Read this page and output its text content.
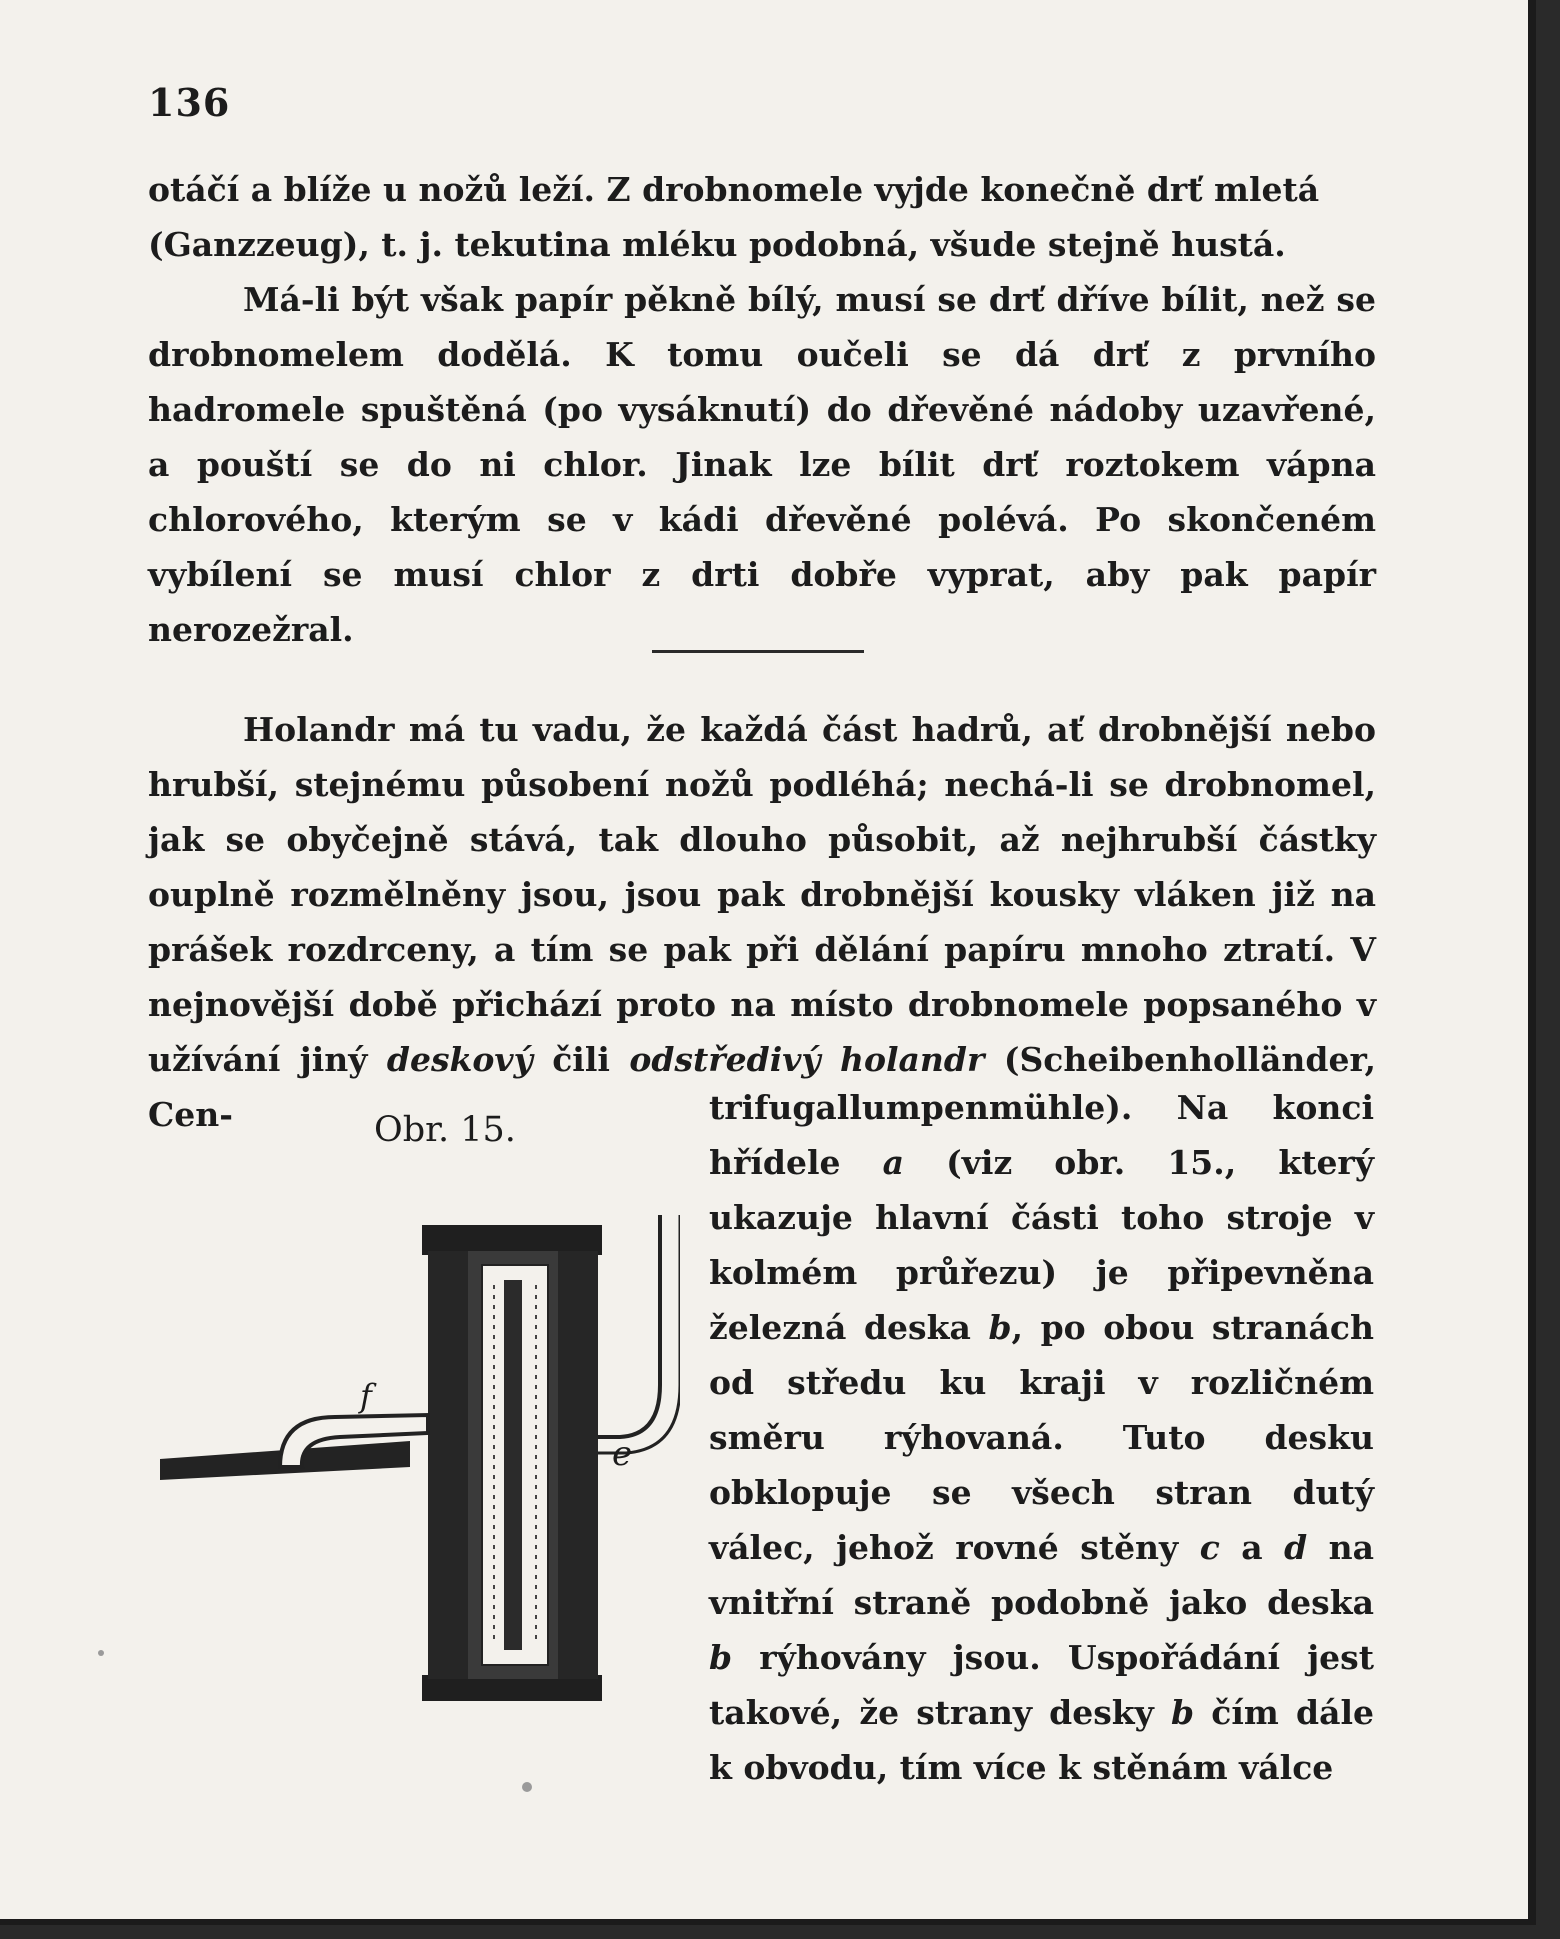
136

otáčí a blíže u nožů leží. Z drobnomele vyjde konečně drť mletá (Ganzzeug), t. j. tekutina mléku podobná, všude stejně hustá.

Má-li být však papír pěkně bílý, musí se drť dříve bílit, než se drobnomelem dodělá. K tomu oučeli se dá drť z prvního hadromele spuštěná (po vysáknutí) do dřevěné nádoby uzavřené, a pouští se do ni chlor. Jinak lze bílit drť roztokem vápna chlorového, kterým se v kádi dřevěné polévá. Po skončeném vybílení se musí chlor z drti dobře vyprat, aby pak papír nerozežral.

Holandr má tu vadu, že každá část hadrů, ať drobnější nebo hrubší, stejnému působení nožů podléhá; nechá-li se drobnomel, jak se obyčejně stává, tak dlouho působit, až nejhrubší částky ouplně rozmělněny jsou, jsou pak drobnější kousky vláken již na prášek rozdrceny, a tím se pak při dělání papíru mnoho ztratí. V nejnovější době přichází proto na místo drobnomele popsaného v užívání jiný deskový čili odstředivý holandr (Scheibenholländer, Cen-	Obr. 15.
f
e

trifugallumpenmühle). Na konci hřídele a (viz obr. 15., který ukazuje hlavní části toho stroje v kolmém průřezu) je připevněna železná deska b, po obou stranách od středu ku kraji v rozličném směru rýhovaná. Tuto desku obklopuje se všech stran dutý válec, jehož rovné stěny c a d na vnitřní straně podobně jako deska b rýhovány jsou. Uspořádání jest takové, že strany desky b čím dále k obvodu, tím více k stěnám válce
